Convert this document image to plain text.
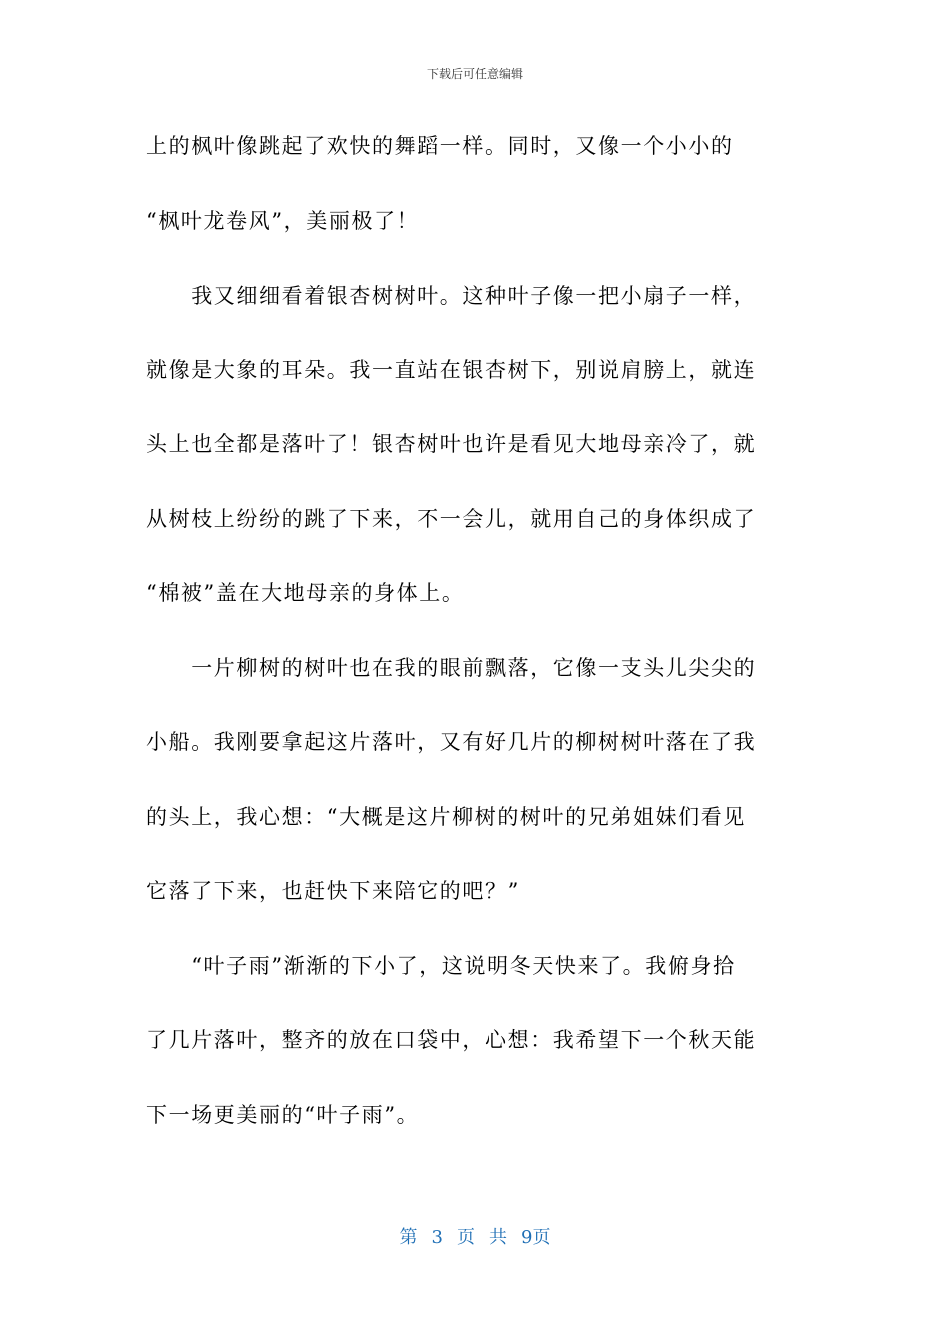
下载后可任意编辑
上的枫叶像跳起了欢快的舞蹈一样。同时，又像一个小小的
“枫叶龙卷风”，美丽极了！
　　我又细细看着银杏树树叶。这种叶子像一把小扇子一样，
就像是大象的耳朵。我一直站在银杏树下，别说肩膀上，就连
头上也全都是落叶了！银杏树叶也许是看见大地母亲冷了，就
从树枝上纷纷的跳了下来，不一会儿，就用自己的身体织成了
“棉被”盖在大地母亲的身体上。
　　一片柳树的树叶也在我的眼前飘落，它像一支头儿尖尖的
小船。我刚要拿起这片落叶，又有好几片的柳树树叶落在了我
的头上，我心想：“大概是这片柳树的树叶的兄弟姐妹们看见
它落了下来，也赶快下来陪它的吧？”
　　“叶子雨”渐渐的下小了，这说明冬天快来了。我俯身拾
了几片落叶，整齐的放在口袋中，心想：我希望下一个秋天能
下一场更美丽的“叶子雨”。
第 3 页 共 9页
